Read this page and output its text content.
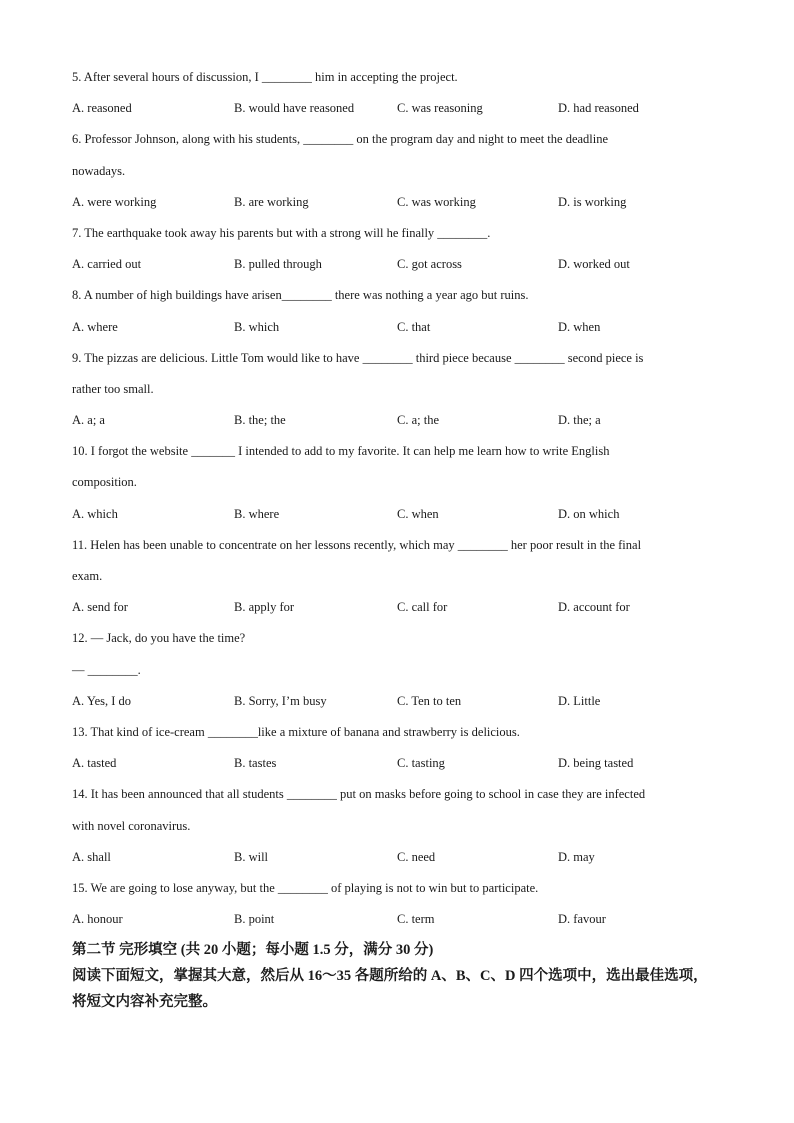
5. After several hours of discussion, I ________ him in accepting the project.
A. reasoned	B. would have reasoned	C. was reasoning	D. had reasoned
6. Professor Johnson, along with his students, ________ on the program day and night to meet the deadline
nowadays.
A. were working	B. are working	C. was working	D. is working
7. The earthquake took away his parents but with a strong will he finally ________.
A. carried out	B. pulled through	C. got across	D. worked out
8. A number of high buildings have arisen________ there was nothing a year ago but ruins.
A. where	B. which	C. that	D. when
9. The pizzas are delicious. Little Tom would like to have ________ third piece because ________ second piece is
rather too small.
A. a; a	B. the; the	C. a; the	D. the; a
10. I forgot the website _______ I intended to add to my favorite. It can help me learn how to write English
composition.
A. which	B. where	C. when	D. on which
11. Helen has been unable to concentrate on her lessons recently, which may ________ her poor result in the final
exam.
A. send for	B. apply for	C. call for	D. account for
12. — Jack, do you have the time?
— ________.
A. Yes, I do	B. Sorry, I’m busy	C. Ten to ten	D. Little
13. That kind of ice-cream ________like a mixture of banana and strawberry is delicious.
A. tasted	B. tastes	C. tasting	D. being tasted
14. It has been announced that all students ________ put on masks before going to school in case they are infected
with novel coronavirus.
A. shall	B. will	C. need	D. may
15. We are going to lose anyway, but the ________ of playing is not to win but to participate.
A. honour	B. point	C. term	D. favour
第二节 完形填空 (共 20 小题；每小题 1.5 分，满分 30 分)
阅读下面短文，掌握其大意，然后从 16～35 各题所给的 A、B、C、D 四个选项中，选出最佳选项，将短文内容补充完整。
